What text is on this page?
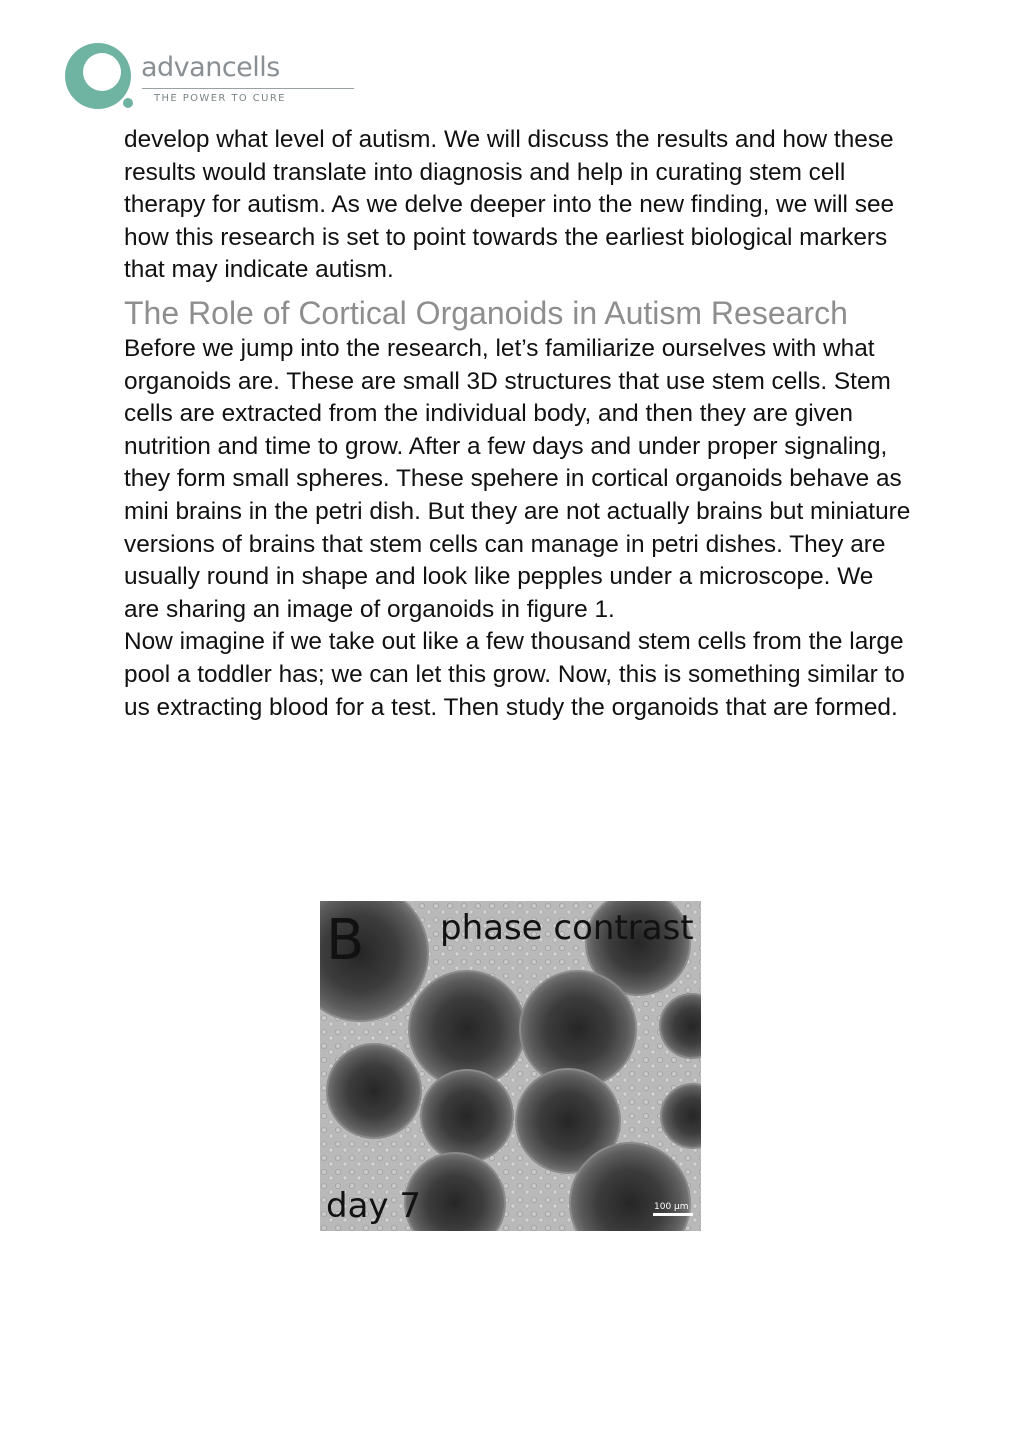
advancells
THE POWER TO CURE

develop what level of autism. We will discuss the results and how these results would translate into diagnosis and help in curating stem cell therapy for autism. As we delve deeper into the new finding, we will see how this research is set to point towards the earliest biological markers that may indicate autism.

The Role of Cortical Organoids in Autism Research

Before we jump into the research, let’s familiarize ourselves with what organoids are. These are small 3D structures that use stem cells. Stem cells are extracted from the individual body, and then they are given nutrition and time to grow. After a few days and under proper signaling, they form small spheres. These spehere in cortical organoids behave as mini brains in the petri dish. But they are not actually brains but miniature versions of brains that stem cells can manage in petri dishes. They are usually round in shape and look like pepples under a microscope. We are sharing an image of organoids in figure 1.

Now imagine if we take out like a few thousand stem cells from the large pool a toddler has; we can let this grow. Now, this is something similar to us extracting blood for a test. Then study the organoids that are formed.

B phase contrast
day 7	100 µm
